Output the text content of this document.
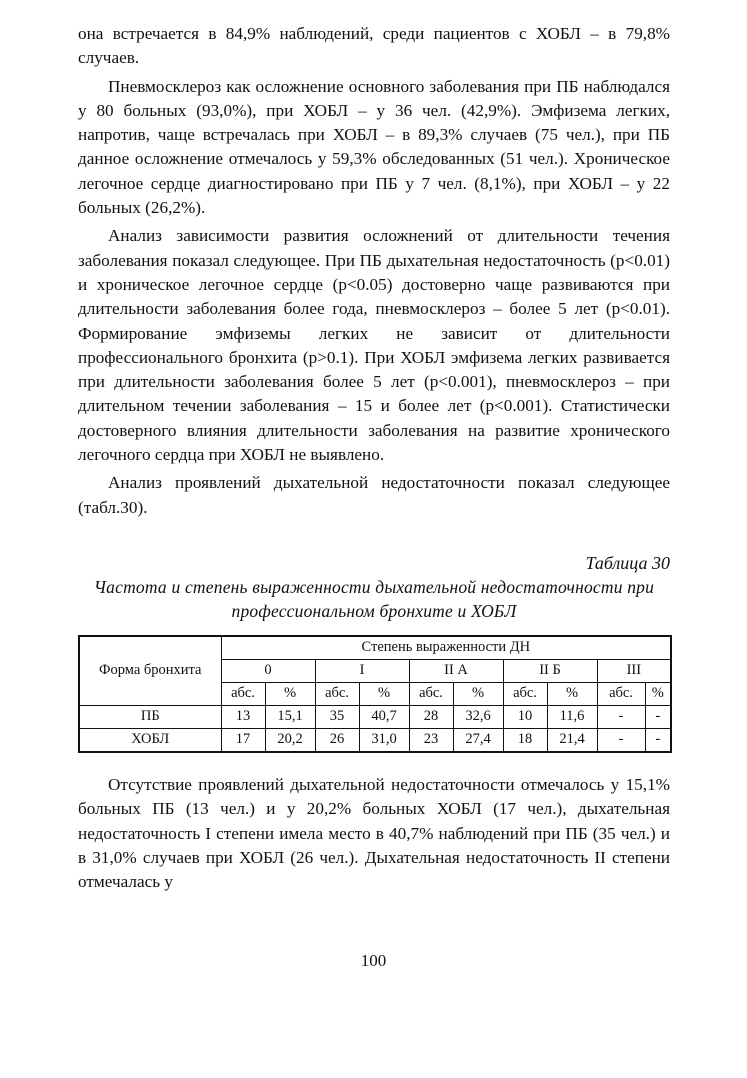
она встречается в 84,9% наблюдений, среди пациентов с ХОБЛ – в 79,8% случаев.

Пневмосклероз как осложнение основного заболевания при ПБ наблюдался у 80 больных (93,0%), при ХОБЛ – у 36 чел. (42,9%). Эмфизема легких, напротив, чаще встречалась при ХОБЛ – в 89,3% случаев (75 чел.), при ПБ данное осложнение отмечалось у 59,3% обследованных (51 чел.). Хроническое легочное сердце диагностировано при ПБ у 7 чел. (8,1%), при ХОБЛ – у 22 больных (26,2%).

Анализ зависимости развития осложнений от длительности течения заболевания показал следующее. При ПБ дыхательная недостаточность (р<0.01) и хроническое легочное сердце (р<0.05) достоверно чаще развиваются при длительности заболевания более года, пневмосклероз – более 5 лет (р<0.01). Формирование эмфиземы легких не зависит от длительности профессионального бронхита (р>0.1). При ХОБЛ эмфизема легких развивается при длительности заболевания более 5 лет (р<0.001), пневмосклероз – при длительном течении заболевания – 15 и более лет (р<0.001). Статистически достоверного влияния длительности заболевания на развитие хронического легочного сердца при ХОБЛ не выявлено.

Анализ проявлений дыхательной недостаточности показал следующее (табл.30).

Таблица 30
Частота и степень выраженности дыхательной недостаточности при профессиональном бронхите и ХОБЛ
Форма бронхита	Степень выраженности ДН									
	0		I		II А		II Б		III	
	абс.	%	абс.	%	абс.	%	абс.	%	абс.	%
ПБ	13	15,1	35	40,7	28	32,6	10	11,6	-	-
ХОБЛ	17	20,2	26	31,0	23	27,4	18	21,4	-	-

Отсутствие проявлений дыхательной недостаточности отмечалось у 15,1% больных ПБ (13 чел.) и у 20,2% больных ХОБЛ (17 чел.), дыхательная недостаточность I степени имела место в 40,7% наблюдений при ПБ (35 чел.) и в 31,0% случаев при ХОБЛ (26 чел.). Дыхательная недостаточность II степени отмечалась у

100
